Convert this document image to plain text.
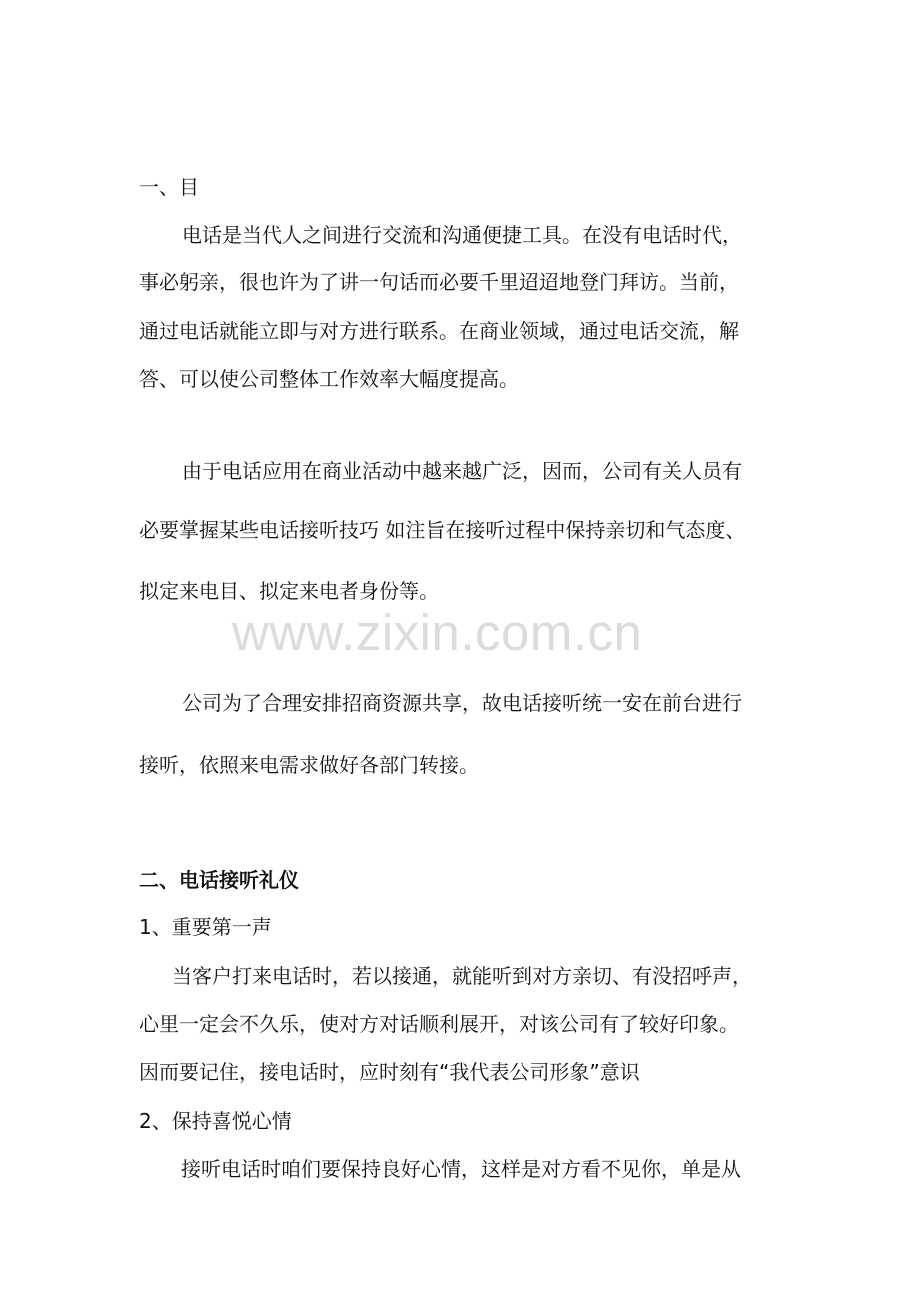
一、目
电话是当代人之间进行交流和沟通便捷工具。在没有电话时代，
事必躬亲，很也许为了讲一句话而必要千里迢迢地登门拜访。当前，
通过电话就能立即与对方进行联系。在商业领域，通过电话交流，解
答、可以使公司整体工作效率大幅度提高。
由于电话应用在商业活动中越来越广泛，因而，公司有关人员有
必要掌握某些电话接听技巧 如注旨在接听过程中保持亲切和气态度、
拟定来电目、拟定来电者身份等。
www.zixin.com.cn
公司为了合理安排招商资源共享，故电话接听统一安在前台进行
接听，依照来电需求做好各部门转接。
二、电话接听礼仪
1、重要第一声
当客户打来电话时，若以接通，就能听到对方亲切、有没招呼声，
心里一定会不久乐，使对方对话顺利展开，对该公司有了较好印象。
因而要记住，接电话时，应时刻有“我代表公司形象”意识
2、保持喜悦心情
接听电话时咱们要保持良好心情，这样是对方看不见你，单是从
